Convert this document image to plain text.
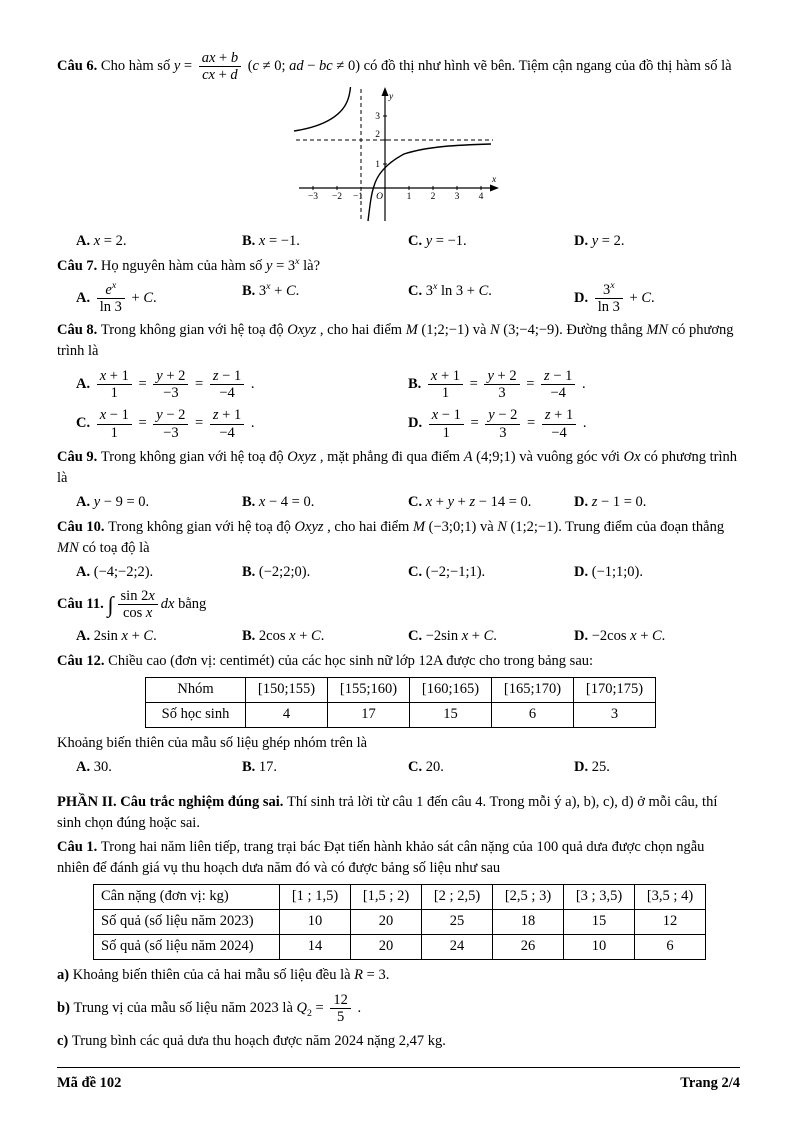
Câu 6. Cho hàm số $y = \frac{ax + b}{cx + d} (c \ne 0$; ad − bc ≠ 0) có đồ thị như hình vẽ bên. Tiệm cận ngang của đồ thị hàm số là

−3 −2 −1	1 2 3 4
O
1
2
3
x
y
A. x = 2.	B. x = −1.	C. y = −1.	D. y = 2.

Câu 7. Họ nguyên hàm của hàm số $y = 3^x$ là?

A. $\frac{e^x}{\ln 3} + C$.	B. $3^x + C$.	C. 3$^x$ ln 3 + C.	D. $\frac{3^x}{\ln 3} + C$.

Câu 8. Trong không gian với hệ toạ độ Oxyz , cho hai điểm M (1;2;−1) và N (3;−4;−9). Đường thẳng MN có phương trình là

A. $\frac{x + 1}{1} = \frac{y + 2}{-3} = \frac{z - 1}{-4}$ .	B. $\frac{x + 1}{1} = \frac{y + 2}{3} = \frac{z - 1}{-4}$ .
C. $\frac{x - 1}{1} = \frac{y - 2}{-3} = \frac{z + 1}{-4}$ .	D. $\frac{x - 1}{1} = \frac{y - 2}{3} = \frac{z + 1}{-4}$ .

Câu 9. Trong không gian với hệ toạ độ Oxyz , mặt phẳng đi qua điểm A (4;9;1) và vuông góc với Ox có phương trình là

A. y − 9 = 0.	B. x − 4 = 0.	C. x + y + z − 14 = 0.	D. z − 1 = 0.

Câu 10. Trong không gian với hệ toạ độ Oxyz , cho hai điểm M (−3;0;1) và N (1;2;−1). Trung điểm của đoạn thẳng MN có toạ độ là

A. (−4;−2;2).	B. (−2;2;0).	C. (−2;−1;1).	D. (−1;1;0).

Câu 11. ∫ $\frac{\sin 2x}{\text{cos x}}$ dx bằng

A. 2sin x + C.	B. 2cos x + C.	C. −2sin x + C.	D. −2cos x + C.

Câu 12. Chiều cao (đơn vị: centimét) của các học sinh nữ lớp 12A được cho trong bảng sau:

Nhóm	[150;155)	[155;160)	[160;165)	[165;170)	[170;175)
Số học sinh	4	17	15	6	3

Khoảng biến thiên của mẫu số liệu ghép nhóm trên là

A. 30.	B. 17.	C. 20.	D. 25.

PHẦN II. Câu trắc nghiệm đúng sai. Thí sinh trả lời từ câu 1 đến câu 4. Trong mỗi ý a), b), c), d) ở mỗi câu, thí sinh chọn đúng hoặc sai.

Câu 1. Trong hai năm liên tiếp, trang trại bác Đạt tiến hành khảo sát cân nặng của 100 quả dưa được chọn ngẫu nhiên để đánh giá vụ thu hoạch dưa năm đó và có được bảng số liệu như sau

Cân nặng (đơn vị: kg)	[1 ; 1,5)	[1,5 ; 2)	[2 ; 2,5)	[2,5 ; 3)	[3 ; 3,5)	[3,5 ; 4)
Số quả (số liệu năm 2023)	10	20	25	18	15	12
Số quả (số liệu năm 2024)	14	20	24	26	10	6

a) Khoảng biến thiên của cả hai mẫu số liệu đều là R = 3.

b) Trung vị của mẫu số liệu năm 2023 là $Q_2 = \frac{12}{5}$ .

c) Trung bình các quả dưa thu hoạch được năm 2024 nặng 2,47 kg.

Mã đề 102	Trang 2/4
